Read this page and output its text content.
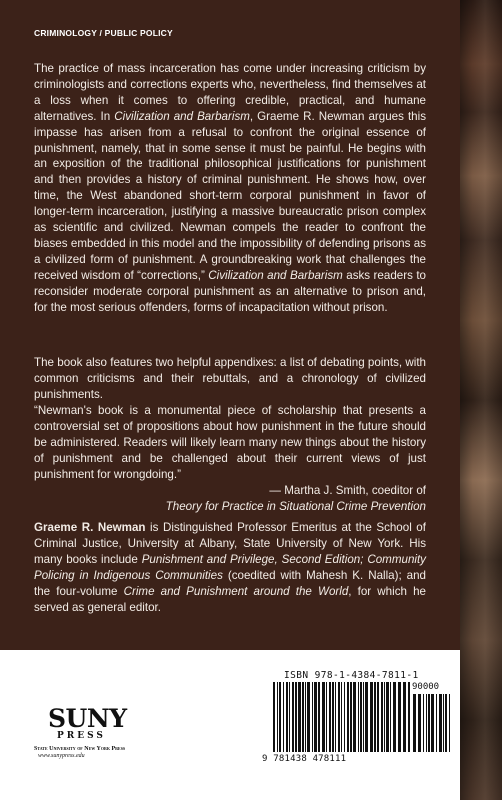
CRIMINOLOGY / PUBLIC POLICY
The practice of mass incarceration has come under increasing criticism by criminologists and corrections experts who, nevertheless, find themselves at a loss when it comes to offering credible, practical, and humane alternatives. In Civilization and Barbarism, Graeme R. Newman argues this impasse has arisen from a refusal to confront the original essence of punishment, namely, that in some sense it must be painful. He begins with an exposition of the traditional philosophical justifications for punishment and then provides a history of criminal punishment. He shows how, over time, the West abandoned short-term corporal punishment in favor of longer-term incarceration, justifying a massive bureaucratic prison complex as scientific and civilized. Newman compels the reader to confront the biases embedded in this model and the impossibility of defending prisons as a civilized form of punishment. A groundbreaking work that challenges the received wisdom of “corrections,” Civilization and Barbarism asks readers to reconsider moderate corporal punishment as an alternative to prison and, for the most serious offenders, forms of incapacitation without prison.
The book also features two helpful appendixes: a list of debating points, with common criticisms and their rebuttals, and a chronology of civilized punishments.
“Newman's book is a monumental piece of scholarship that presents a controversial set of propositions about how punishment in the future should be administered. Readers will likely learn many new things about the history of punishment and be challenged about their current views of just punishment for wrongdoing.”
— Martha J. Smith, coeditor of
Theory for Practice in Situational Crime Prevention
Graeme R. Newman is Distinguished Professor Emeritus at the School of Criminal Justice, University at Albany, State University of New York. His many books include Punishment and Privilege, Second Edition; Community Policing in Indigenous Communities (coedited with Mahesh K. Nalla); and the four-volume Crime and Punishment around the World, for which he served as general editor.
SUNY
PRESS
State University of New York Press
www.sunypress.edu
ISBN 978-1-4384-7811-1
90000
9 781438 478111
